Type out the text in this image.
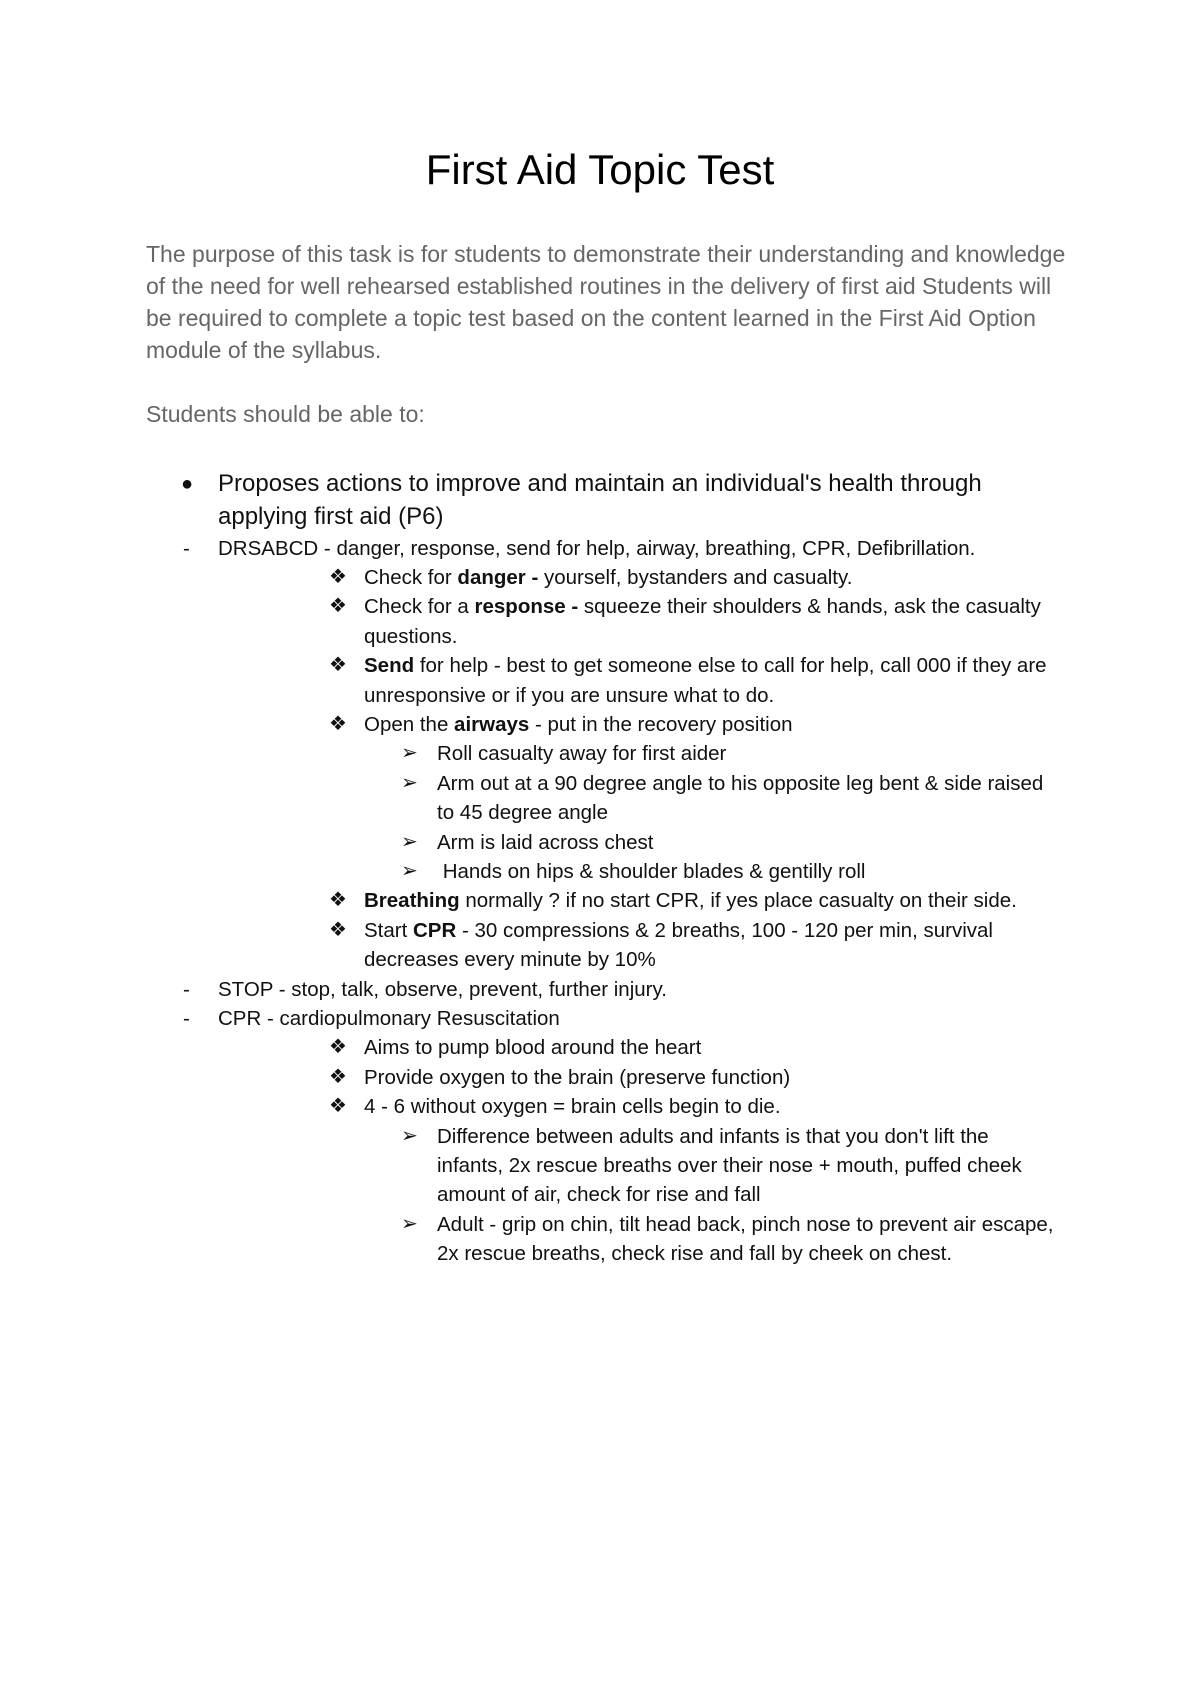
First Aid Topic Test

The purpose of this task is for students to demonstrate their understanding and knowledge of the need for well rehearsed established routines in the delivery of first aid Students will be required to complete a topic test based on the content learned in the First Aid Option module of the syllabus.

Students should be able to:

● Proposes actions to improve and maintain an individual's health through applying first aid (P6)
- DRSABCD - danger, response, send for help, airway, breathing, CPR, Defibrillation.
❖ Check for danger - yourself, bystanders and casualty.
❖ Check for a response - squeeze their shoulders & hands, ask the casualty questions.
❖ Send for help - best to get someone else to call for help, call 000 if they are unresponsive or if you are unsure what to do.
❖ Open the airways - put in the recovery position
➢ Roll casualty away for first aider
➢ Arm out at a 90 degree angle to his opposite leg bent & side raised to 45 degree angle
➢ Arm is laid across chest
➢ Hands on hips & shoulder blades & gentilly roll
❖ Breathing normally ? if no start CPR, if yes place casualty on their side.
❖ Start CPR - 30 compressions & 2 breaths, 100 - 120 per min, survival decreases every minute by 10%
- STOP - stop, talk, observe, prevent, further injury.
- CPR - cardiopulmonary Resuscitation
❖ Aims to pump blood around the heart
❖ Provide oxygen to the brain (preserve function)
❖ 4 - 6 without oxygen = brain cells begin to die.
➢ Difference between adults and infants is that you don't lift the infants, 2x rescue breaths over their nose + mouth, puffed cheek amount of air, check for rise and fall
➢ Adult - grip on chin, tilt head back, pinch nose to prevent air escape, 2x rescue breaths, check rise and fall by cheek on chest.
